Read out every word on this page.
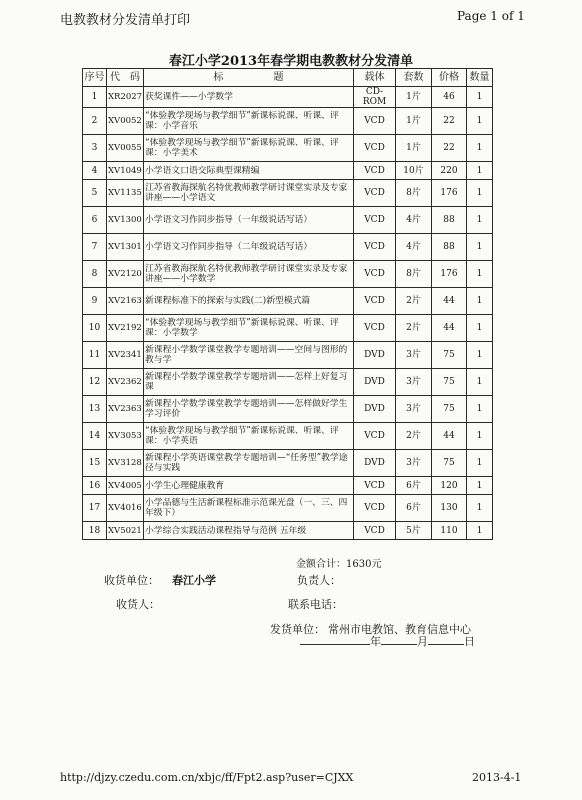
电教教材分发清单打印	Page 1 of 1
春江小学2013年春学期电教教材分发清单
序号	代　码	标　　　　　题	载体	套数	价格	数量
1	XR2027	获奖课件——小学数学	CD-ROM	1片	46	1
2	XV0052	“体验教学现场与教学细节”新课标说课、听课、评课：小学音乐	VCD	1片	22	1
3	XV0055	“体验教学现场与教学细节”新课标说课、听课、评课：小学美术	VCD	1片	22	1
4	XV1049	小学语文口语交际典型课精编	VCD	10片	220	1
5	XV1135	江苏省教海探航名特优教师教学研讨课堂实录及专家讲座——小学语文	VCD	8片	176	1
6	XV1300	小学语文习作同步指导（一年级说话写话）	VCD	4片	88	1
7	XV1301	小学语文习作同步指导（二年级说话写话）	VCD	4片	88	1
8	XV2120	江苏省教海探航名特优教师教学研讨课堂实录及专家讲座——小学数学	VCD	8片	176	1
9	XV2163	新课程标准下的探索与实践(二)新型模式篇	VCD	2片	44	1
10	XV2192	“体验教学现场与教学细节”新课标说课、听课、评课：小学数学	VCD	2片	44	1
11	XV2341	新课程小学数学课堂教学专题培训——空间与图形的教与学	DVD	3片	75	1
12	XV2362	新课程小学数学课堂教学专题培训——怎样上好复习课	DVD	3片	75	1
13	XV2363	新课程小学数学课堂教学专题培训——怎样做好学生学习评价	DVD	3片	75	1
14	XV3053	“体验教学现场与教学细节”新课标说课、听课、评课：小学英语	VCD	2片	44	1
15	XV3128	新课程小学英语课堂教学专题培训—“任务型”教学途径与实践	DVD	3片	75	1
16	XV4005	小学生心理健康教育	VCD	6片	120	1
17	XV4016	小学品德与生活新课程标准示范课光盘（一、三、四年级下）	VCD	6片	130	1
18	XV5021	小学综合实践活动课程指导与范例 五年级	VCD	5片	110	1
金额合计：1630元
收货单位： 春江小学	负责人：
收货人：	联系电话：
发货单位： 常州市电教馆、教育信息中心
年	月	日
http://djzy.czedu.com.cn/xbjc/ff/Fpt2.asp?user=CJXX	2013-4-1
